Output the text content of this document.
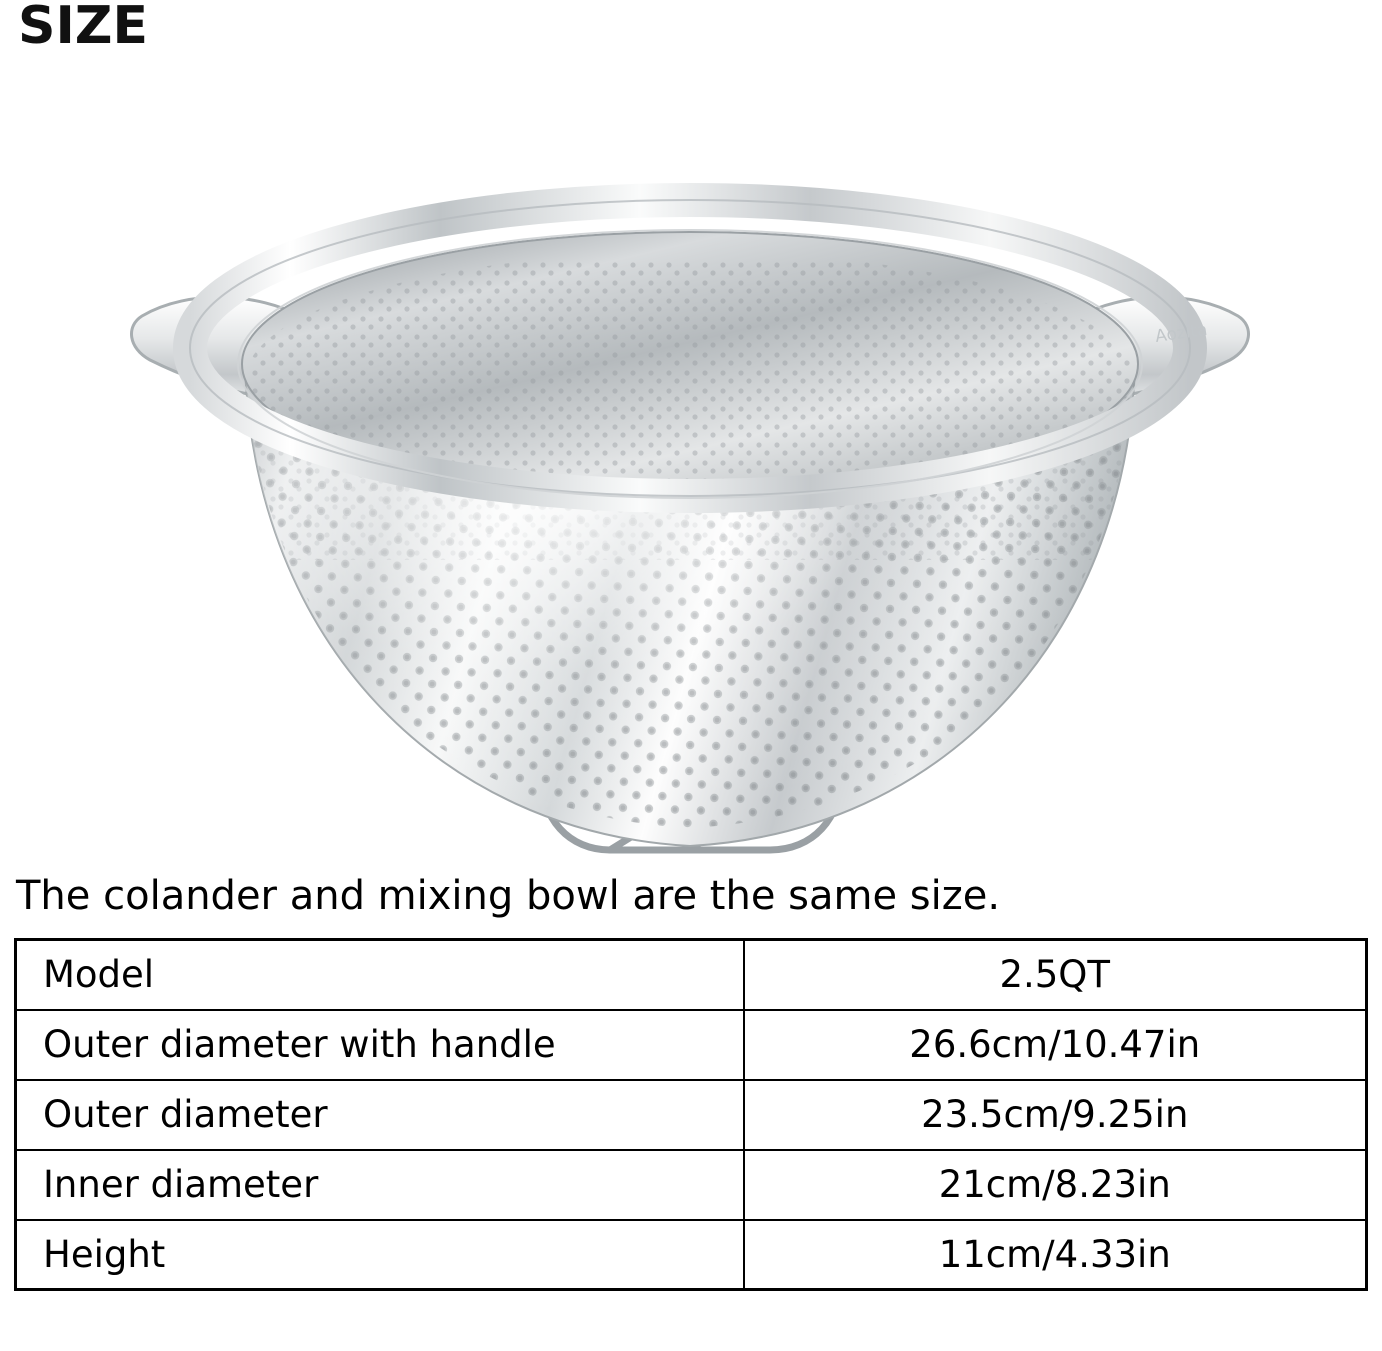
SIZE
Aozita
The colander and mixing bowl are the same size.
Model	2.5QT
Outer diameter with handle	26.6cm/10.47in
Outer diameter	23.5cm/9.25in
Inner diameter	21cm/8.23in
Height	11cm/4.33in
